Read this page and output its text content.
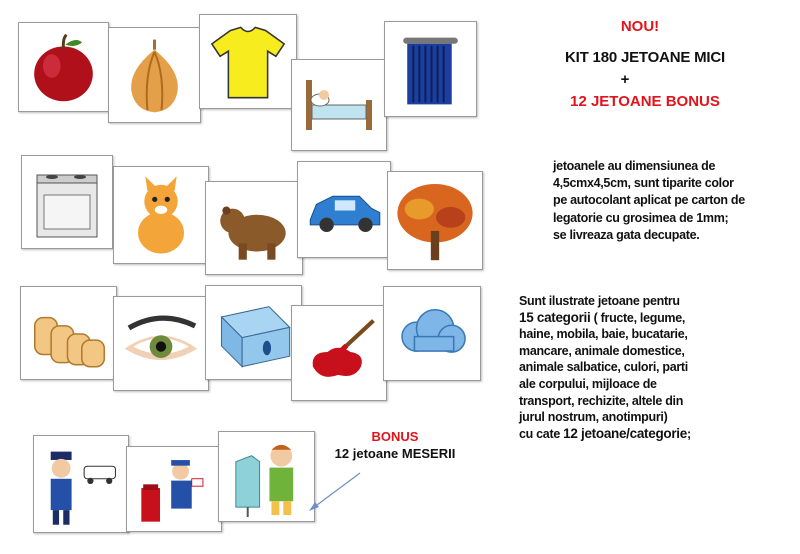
NOU!
KIT 180 JETOANE MICI
+
12 JETOANE BONUS
jetoanele au dimensiunea de
4,5cmx4,5cm, sunt tiparite color
pe autocolant aplicat pe carton de
legatorie cu grosimea de 1mm;
se livreaza gata decupate.
Sunt ilustrate jetoane pentru
15 categorii ( fructe, legume,
haine, mobila, baie, bucatarie,
mancare, animale domestice,
animale salbatice, culori, parti
ale corpului, mijloace de
transport, rechizite, altele din
jurul nostrum, anotimpuri)
cu cate 12 jetoane/categorie;
BONUS
12 jetoane MESERII
